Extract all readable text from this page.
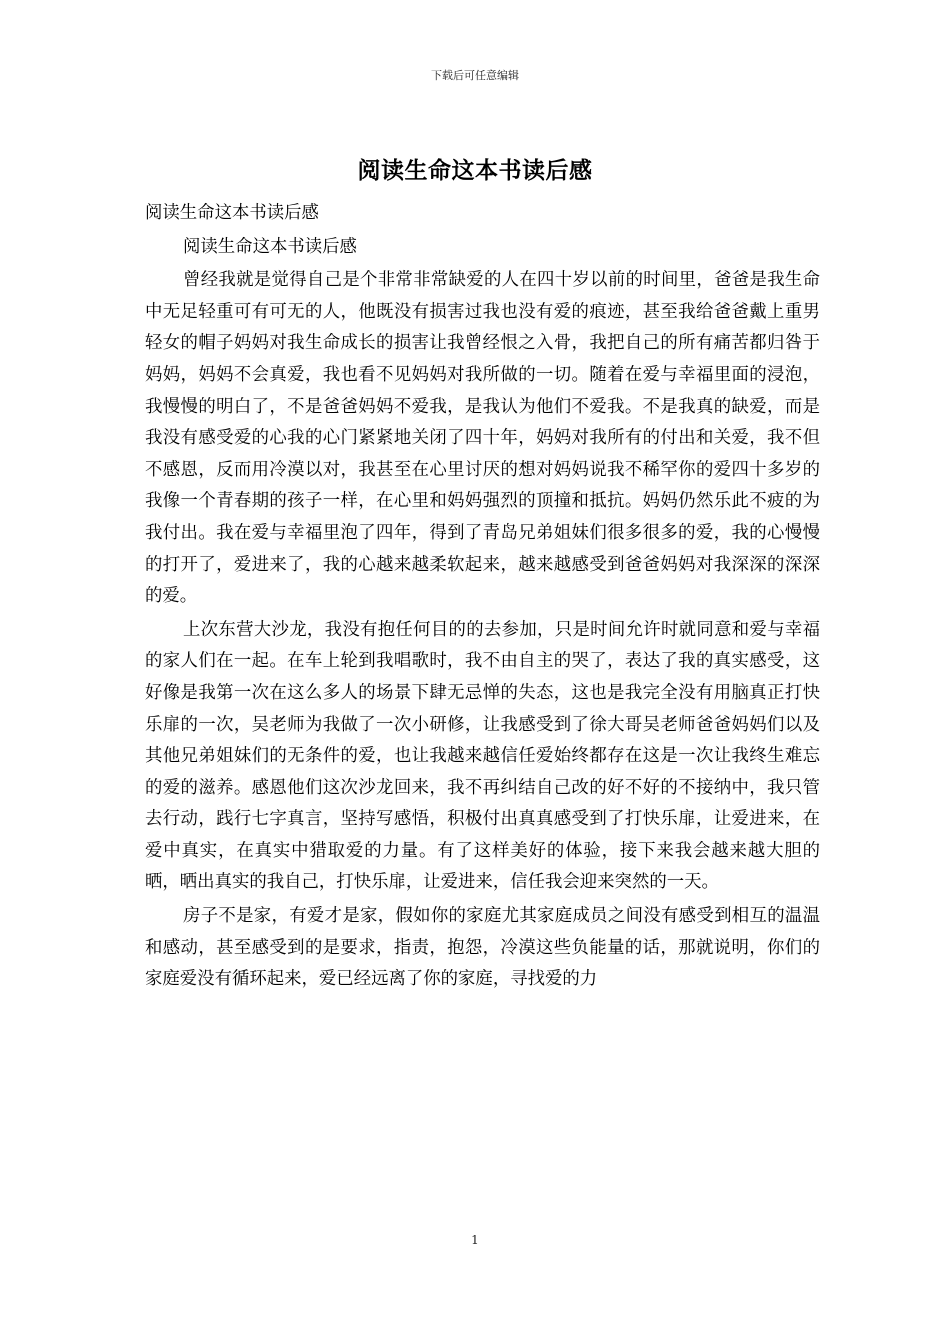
下载后可任意编辑
阅读生命这本书读后感

阅读生命这本书读后感

阅读生命这本书读后感

曾经我就是觉得自己是个非常非常缺爱的人在四十岁以前的时间里，爸爸是我生命中无足轻重可有可无的人，他既没有损害过我也没有爱的痕迹，甚至我给爸爸戴上重男轻女的帽子妈妈对我生命成长的损害让我曾经恨之入骨，我把自己的所有痛苦都归咎于妈妈，妈妈不会真爱，我也看不见妈妈对我所做的一切。随着在爱与幸福里面的浸泡，我慢慢的明白了，不是爸爸妈妈不爱我，是我认为他们不爱我。不是我真的缺爱，而是我没有感受爱的心我的心门紧紧地关闭了四十年，妈妈对我所有的付出和关爱，我不但不感恩，反而用冷漠以对，我甚至在心里讨厌的想对妈妈说我不稀罕你的爱四十多岁的我像一个青春期的孩子一样，在心里和妈妈强烈的顶撞和抵抗。妈妈仍然乐此不疲的为我付出。我在爱与幸福里泡了四年，得到了青岛兄弟姐妹们很多很多的爱，我的心慢慢的打开了，爱进来了，我的心越来越柔软起来，越来越感受到爸爸妈妈对我深深的深深的爱。

上次东营大沙龙，我没有抱任何目的的去参加，只是时间允许时就同意和爱与幸福的家人们在一起。在车上轮到我唱歌时，我不由自主的哭了，表达了我的真实感受，这好像是我第一次在这么多人的场景下肆无忌惮的失态，这也是我完全没有用脑真正打快乐扉的一次，吴老师为我做了一次小研修，让我感受到了徐大哥吴老师爸爸妈妈们以及其他兄弟姐妹们的无条件的爱，也让我越来越信任爱始终都存在这是一次让我终生难忘的爱的滋养。感恩他们这次沙龙回来，我不再纠结自己改的好不好的不接纳中，我只管去行动，践行七字真言，坚持写感悟，积极付出真真感受到了打快乐扉，让爱进来，在爱中真实，在真实中猎取爱的力量。有了这样美好的体验，接下来我会越来越大胆的晒，晒出真实的我自己，打快乐扉，让爱进来，信任我会迎来突然的一天。

房子不是家，有爱才是家，假如你的家庭尤其家庭成员之间没有感受到相互的温温和感动，甚至感受到的是要求，指责，抱怨，冷漠这些负能量的话，那就说明，你们的家庭爱没有循环起来，爱已经远离了你的家庭，寻找爱的力

1
